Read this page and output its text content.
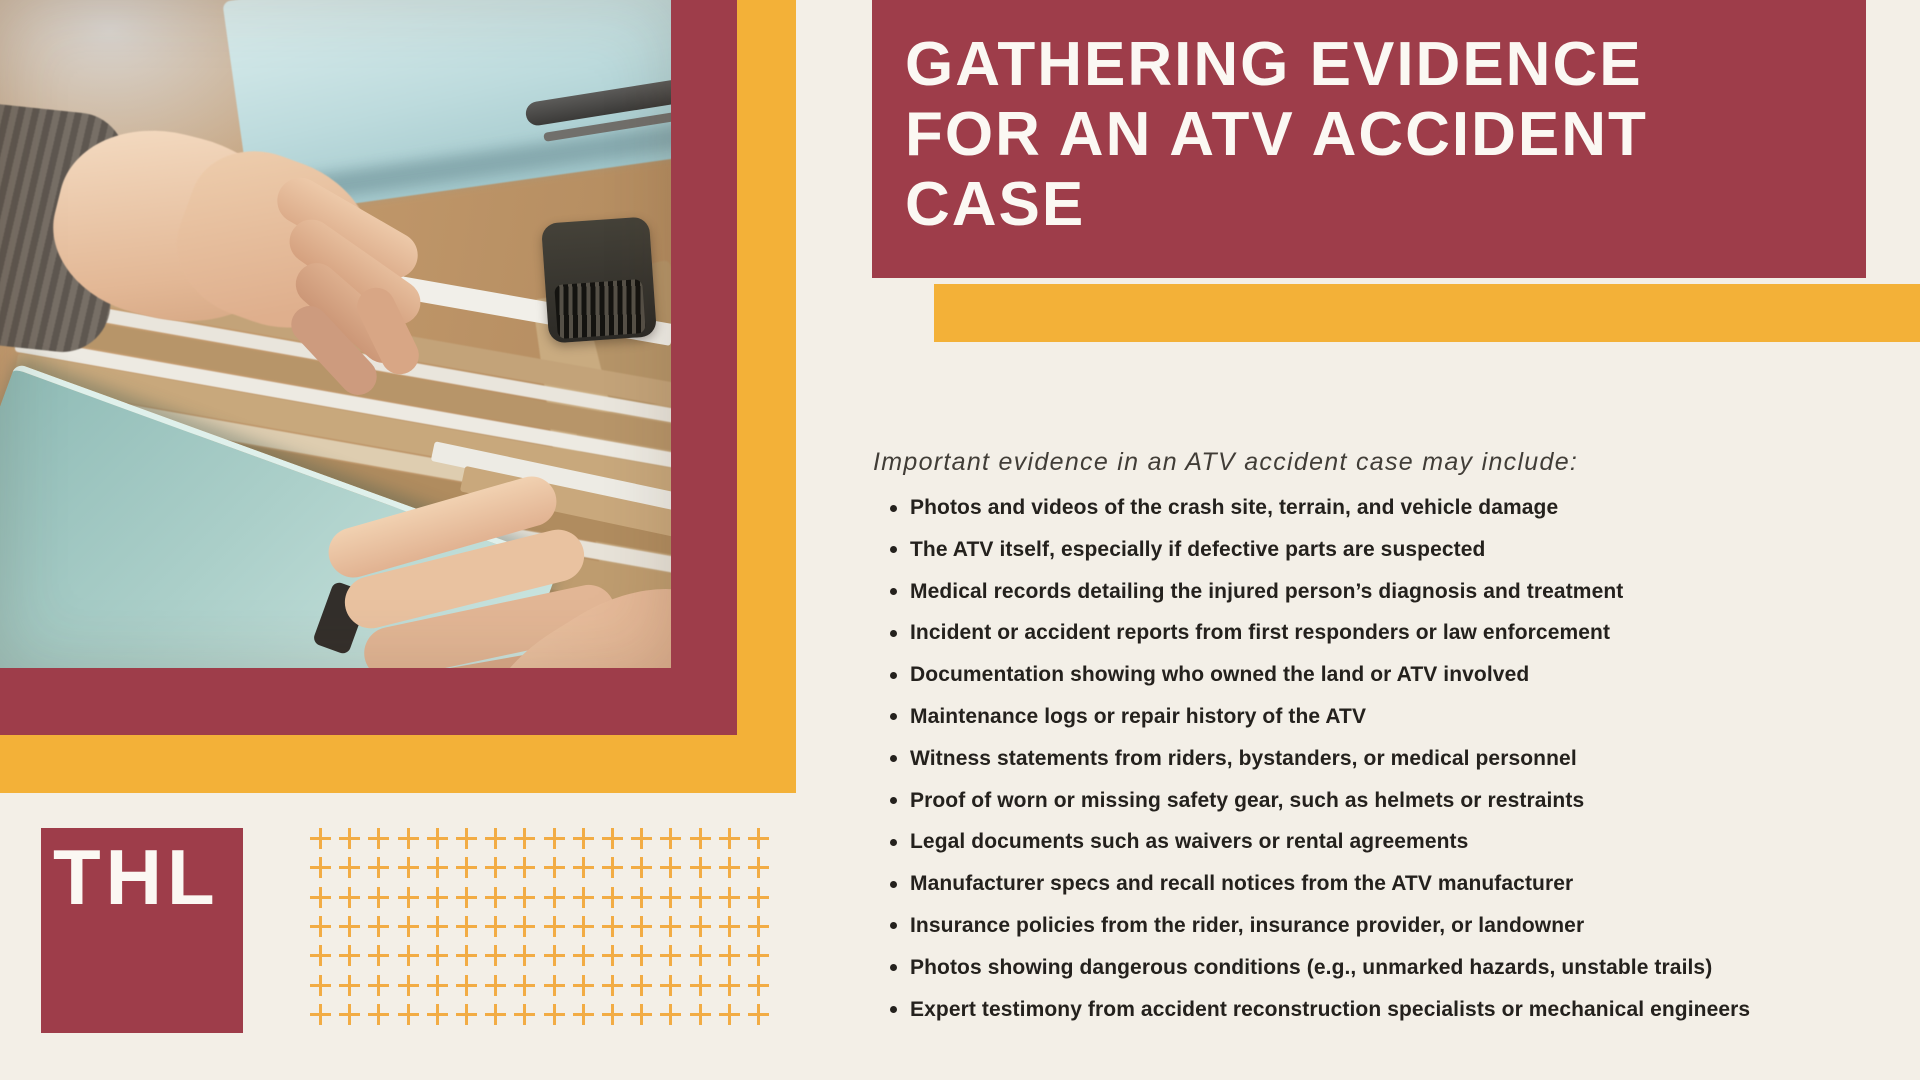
GATHERING EVIDENCE
FOR AN ATV ACCIDENT
CASE

Important evidence in an ATV accident case may include:

Photos and videos of the crash site, terrain, and vehicle damage
The ATV itself, especially if defective parts are suspected
Medical records detailing the injured person’s diagnosis and treatment
Incident or accident reports from first responders or law enforcement
Documentation showing who owned the land or ATV involved
Maintenance logs or repair history of the ATV
Witness statements from riders, bystanders, or medical personnel
Proof of worn or missing safety gear, such as helmets or restraints
Legal documents such as waivers or rental agreements
Manufacturer specs and recall notices from the ATV manufacturer
Insurance policies from the rider, insurance provider, or landowner
Photos showing dangerous conditions (e.g., unmarked hazards, unstable trails)
Expert testimony from accident reconstruction specialists or mechanical engineers
THL
